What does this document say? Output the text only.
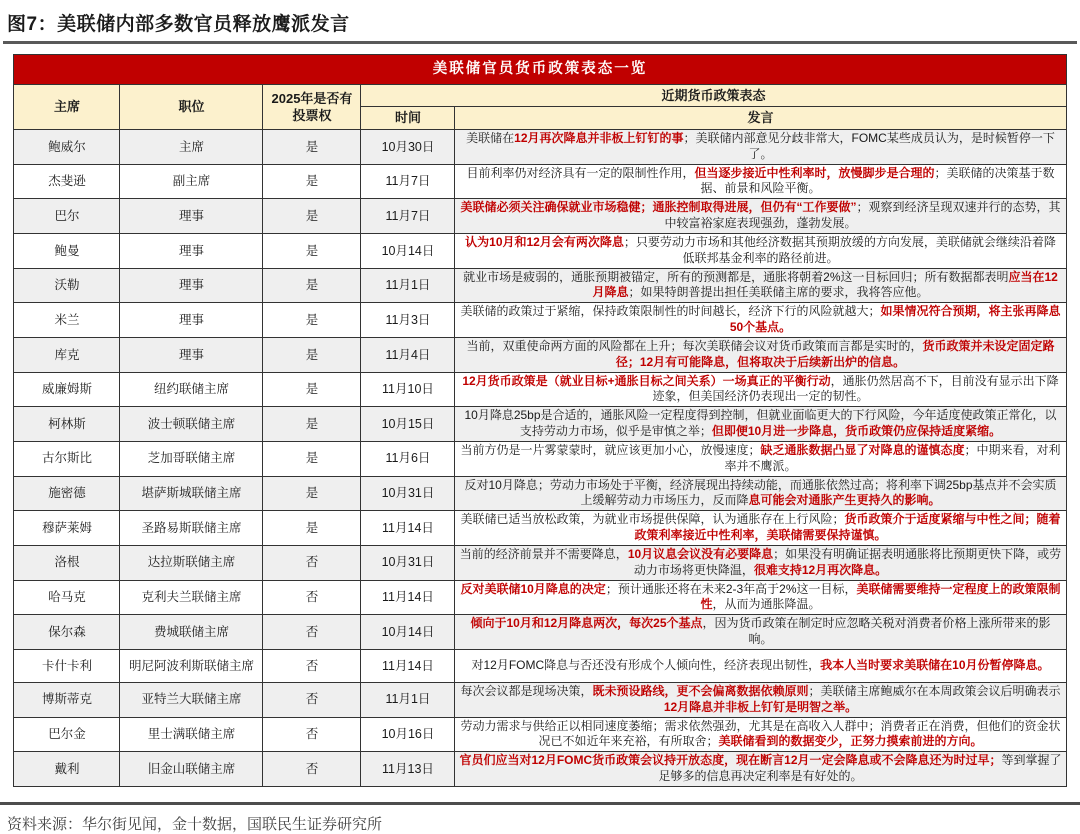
图7：美联储内部多数官员释放鹰派发言
美联储官员货币政策表态一览				
主席	职位	2025年是否有投票权	近期货币政策表态	
			时间	发言
鲍威尔	主席	是	10月30日	美联储在12月再次降息并非板上钉钉的事；美联储内部意见分歧非常大，FOMC某些成员认为，是时候暂停一下了。
杰斐逊	副主席	是	11月7日	目前利率仍对经济具有一定的限制性作用，但当逐步接近中性利率时，放慢脚步是合理的；美联储的决策基于数据、前景和风险平衡。
巴尔	理事	是	11月7日	美联储必须关注确保就业市场稳健；通胀控制取得进展，但仍有“工作要做”；观察到经济呈现双速并行的态势，其中较富裕家庭表现强劲，蓬勃发展。
鲍曼	理事	是	10月14日	认为10月和12月会有两次降息；只要劳动力市场和其他经济数据其预期放缓的方向发展，美联储就会继续沿着降低联邦基金利率的路径前进。
沃勒	理事	是	11月1日	就业市场是疲弱的，通胀预期被锚定，所有的预测都是，通胀将朝着2%这一目标回归；所有数据都表明应当在12月降息；如果特朗普提出担任美联储主席的要求，我将答应他。
米兰	理事	是	11月3日	美联储的政策过于紧缩，保持政策限制性的时间越长，经济下行的风险就越大；如果情况符合预期，将主张再降息50个基点。
库克	理事	是	11月4日	当前，双重使命两方面的风险都在上升；每次美联储会议对货币政策而言都是实时的，货币政策并未设定固定路径；12月有可能降息，但将取决于后续新出炉的信息。
威廉姆斯	纽约联储主席	是	11月10日	12月货币政策是（就业目标+通胀目标之间关系）一场真正的平衡行动，通胀仍然居高不下，目前没有显示出下降迹象，但美国经济仍表现出一定的韧性。
柯林斯	波士顿联储主席	是	10月15日	10月降息25bp是合适的，通胀风险一定程度得到控制，但就业面临更大的下行风险，今年适度使政策正常化，以支持劳动力市场，似乎是审慎之举；但即便10月进一步降息，货币政策仍应保持适度紧缩。
古尔斯比	芝加哥联储主席	是	11月6日	当前方仍是一片雾蒙蒙时，就应该更加小心，放慢速度；缺乏通胀数据凸显了对降息的谨慎态度；中期来看，对利率并不鹰派。
施密德	堪萨斯城联储主席	是	10月31日	反对10月降息；劳动力市场处于平衡，经济展现出持续动能，而通胀依然过高；将利率下调25bp基点并不会实质上缓解劳动力市场压力，反而降息可能会对通胀产生更持久的影响。
穆萨莱姆	圣路易斯联储主席	是	11月14日	美联储已适当放松政策，为就业市场提供保障，认为通胀存在上行风险；货币政策介于适度紧缩与中性之间；随着政策利率接近中性利率，美联储需要保持谨慎。
洛根	达拉斯联储主席	否	10月31日	当前的经济前景并不需要降息，10月议息会议没有必要降息；如果没有明确证据表明通胀将比预期更快下降，或劳动力市场将更快降温，很难支持12月再次降息。
哈马克	克利夫兰联储主席	否	11月14日	反对美联储10月降息的决定；预计通胀还将在未来2-3年高于2%这一目标，美联储需要维持一定程度上的政策限制性，从而为通胀降温。
保尔森	费城联储主席	否	10月14日	倾向于10月和12月降息两次，每次25个基点，因为货币政策在制定时应忽略关税对消费者价格上涨所带来的影响。
卡什卡利	明尼阿波利斯联储主席	否	11月14日	对12月FOMC降息与否还没有形成个人倾向性，经济表现出韧性，我本人当时要求美联储在10月份暂停降息。
博斯蒂克	亚特兰大联储主席	否	11月1日	每次会议都是现场决策，既未预设路线，更不会偏离数据依赖原则；美联储主席鲍威尔在本周政策会议后明确表示12月降息并非板上钉钉是明智之举。
巴尔金	里士满联储主席	否	10月16日	劳动力需求与供给正以相同速度萎缩；需求依然强劲，尤其是在高收入人群中；消费者正在消费，但他们的资金状况已不如近年来充裕，有所取舍；美联储看到的数据变少，正努力摸索前进的方向。
戴利	旧金山联储主席	否	11月13日	官员们应当对12月FOMC货币政策会议持开放态度，现在断言12月一定会降息或不会降息还为时过早；等到掌握了足够多的信息再决定利率是有好处的。
资料来源：华尔街见闻，金十数据，国联民生证券研究所
